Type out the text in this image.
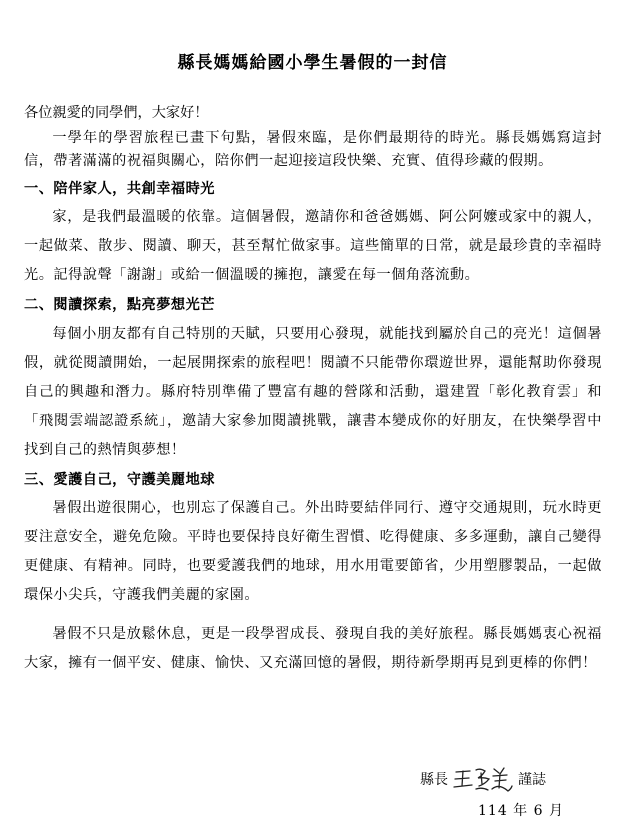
縣長媽媽給國小學生暑假的一封信

各位親愛的同學們，大家好！

一學年的學習旅程已畫下句點，暑假來臨，是你們最期待的時光。縣長媽媽寫這封信，帶著滿滿的祝福與關心，陪你們一起迎接這段快樂、充實、值得珍藏的假期。

一、陪伴家人，共創幸福時光

家，是我們最溫暖的依靠。這個暑假，邀請你和爸爸媽媽、阿公阿嬤或家中的親人，一起做菜、散步、閱讀、聊天，甚至幫忙做家事。這些簡單的日常，就是最珍貴的幸福時光。記得說聲「謝謝」或給一個溫暖的擁抱，讓愛在每一個角落流動。

二、閱讀探索，點亮夢想光芒

每個小朋友都有自己特別的天賦，只要用心發現，就能找到屬於自己的亮光！這個暑假，就從閱讀開始，一起展開探索的旅程吧！閱讀不只能帶你環遊世界，還能幫助你發現自己的興趣和潛力。縣府特別準備了豐富有趣的營隊和活動，還建置「彰化教育雲」和「飛閱雲端認證系統」，邀請大家參加閱讀挑戰，讓書本變成你的好朋友，在快樂學習中找到自己的熱情與夢想！

三、愛護自己，守護美麗地球

暑假出遊很開心，也別忘了保護自己。外出時要結伴同行、遵守交通規則，玩水時更要注意安全，避免危險。平時也要保持良好衛生習慣、吃得健康、多多運動，讓自己變得更健康、有精神。同時，也要愛護我們的地球，用水用電要節省，少用塑膠製品，一起做環保小尖兵，守護我們美麗的家園。

暑假不只是放鬆休息，更是一段學習成長、發現自我的美好旅程。縣長媽媽衷心祝福大家，擁有一個平安、健康、愉快、又充滿回憶的暑假，期待新學期再見到更棒的你們！

縣長	謹誌
114 年 6 月
